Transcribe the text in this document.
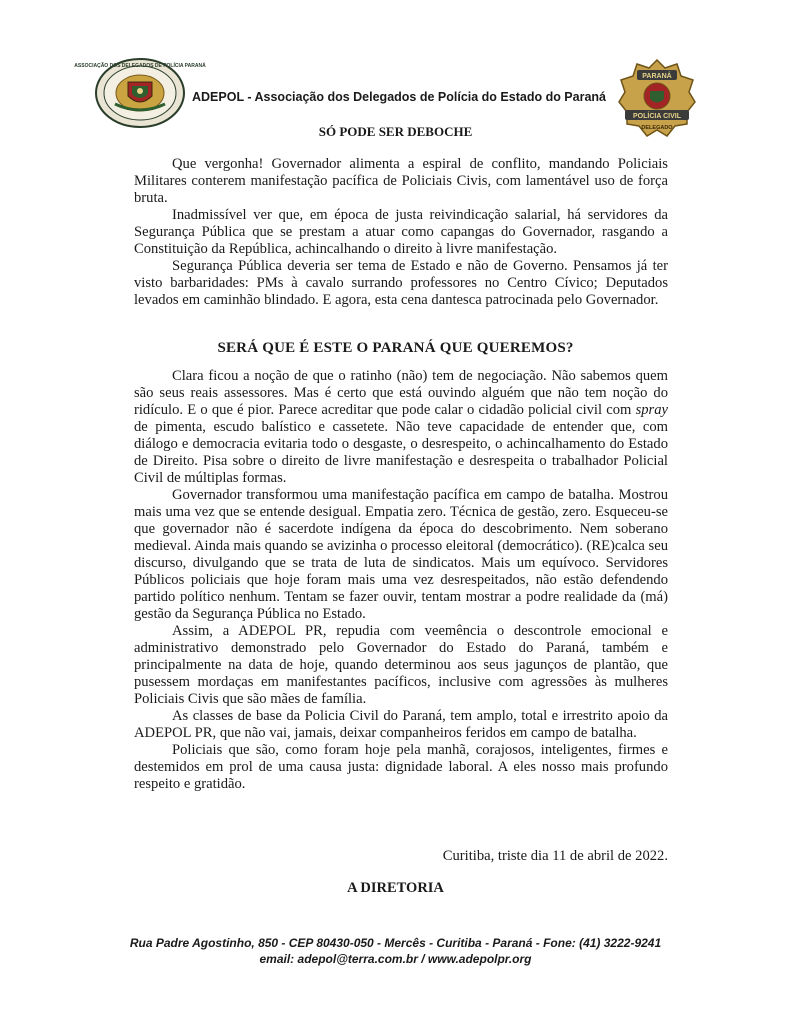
ASSOCIAÇÃO DOS DELEGADOS DE POLÍCIA PARANÁ
ADEPOL - Associação dos Delegados de Polícia do Estado do Paraná
PARANÁ
POLÍCIA CIVIL
DELEGADO
SÓ PODE SER DEBOCHE

Que vergonha! Governador alimenta a espiral de conflito, mandando Policiais Militares conterem manifestação pacífica de Policiais Civis, com lamentável uso de força bruta.

Inadmissível ver que, em época de justa reivindicação salarial, há servidores da Segurança Pública que se prestam a atuar como capangas do Governador, rasgando a Constituição da República, achincalhando o direito à livre manifestação.

Segurança Pública deveria ser tema de Estado e não de Governo. Pensamos já ter visto barbaridades: PMs à cavalo surrando professores no Centro Cívico; Deputados levados em caminhão blindado. E agora, esta cena dantesca patrocinada pelo Governador.

SERÁ QUE É ESTE O PARANÁ QUE QUEREMOS?

Clara ficou a noção de que o ratinho (não) tem de negociação. Não sabemos quem são seus reais assessores. Mas é certo que está ouvindo alguém que não tem noção do ridículo. E o que é pior. Parece acreditar que pode calar o cidadão policial civil com spray de pimenta, escudo balístico e cassetete. Não teve capacidade de entender que, com diálogo e democracia evitaria todo o desgaste, o desrespeito, o achincalhamento do Estado de Direito. Pisa sobre o direito de livre manifestação e desrespeita o trabalhador Policial Civil de múltiplas formas.

Governador transformou uma manifestação pacífica em campo de batalha. Mostrou mais uma vez que se entende desigual. Empatia zero. Técnica de gestão, zero. Esqueceu-se que governador não é sacerdote indígena da época do descobrimento. Nem soberano medieval. Ainda mais quando se avizinha o processo eleitoral (democrático). (RE)calca seu discurso, divulgando que se trata de luta de sindicatos. Mais um equívoco. Servidores Públicos policiais que hoje foram mais uma vez desrespeitados, não estão defendendo partido político nenhum. Tentam se fazer ouvir, tentam mostrar a podre realidade da (má) gestão da Segurança Pública no Estado.

Assim, a ADEPOL PR, repudia com veemência o descontrole emocional e administrativo demonstrado pelo Governador do Estado do Paraná, também e principalmente na data de hoje, quando determinou aos seus jagunços de plantão, que pusessem mordaças em manifestantes pacíficos, inclusive com agressões às mulheres Policiais Civis que são mães de família.

As classes de base da Policia Civil do Paraná, tem amplo, total e irrestrito apoio da ADEPOL PR, que não vai, jamais, deixar companheiros feridos em campo de batalha.

Policiais que são, como foram hoje pela manhã, corajosos, inteligentes, firmes e destemidos em prol de uma causa justa: dignidade laboral. A eles nosso mais profundo respeito e gratidão.

Curitiba, triste dia 11 de abril de 2022.
A DIRETORIA
Rua Padre Agostinho, 850 - CEP 80430-050 - Mercês - Curitiba - Paraná - Fone: (41) 3222-9241
email: adepol@terra.com.br / www.adepolpr.org
